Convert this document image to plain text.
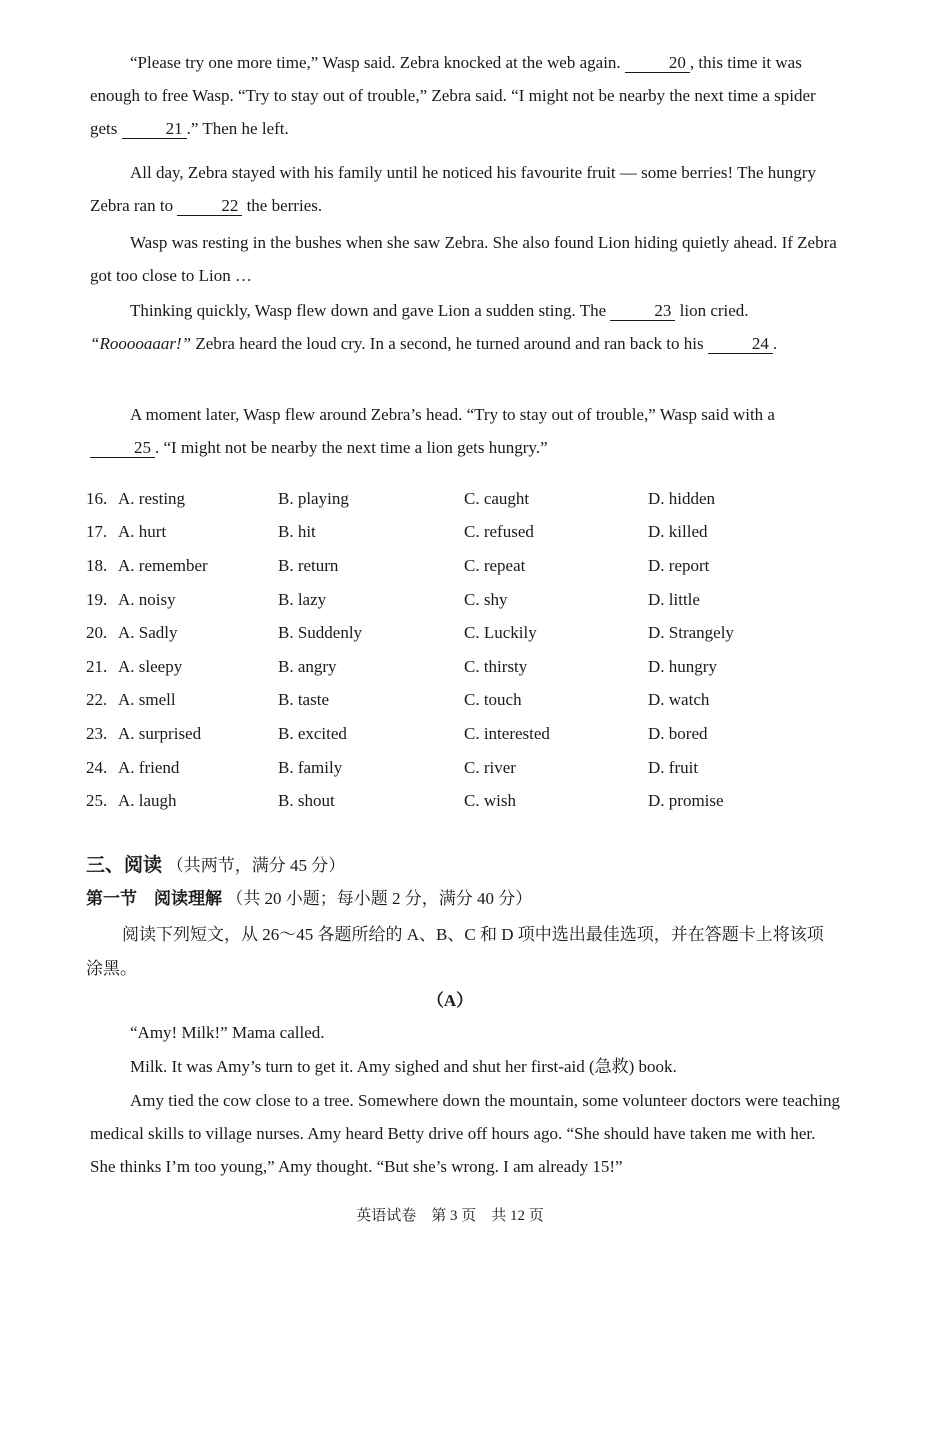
“Please try one more time,” Wasp said. Zebra knocked at the web again.	20 , this time it was enough to free Wasp. “Try to stay out of trouble,” Zebra said. “I might not be nearby the next time a spider gets	21 .” Then he left.

All day, Zebra stayed with his family until he noticed his favourite fruit — some berries! The hungry Zebra ran to	22 the berries.

Wasp was resting in the bushes when she saw Zebra. She also found Lion hiding quietly ahead. If Zebra got too close to Lion …

Thinking quickly, Wasp flew down and gave Lion a sudden sting. The	23 lion cried. “Rooooaaar!” Zebra heard the loud cry. In a second, he turned around and ran back to his	24 .

A moment later, Wasp flew around Zebra’s head. “Try to stay out of trouble,” Wasp said with a 25 . “I might not be nearby the next time a lion gets hungry.”

16. A. resting	B. playing	C. caught	D. hidden
17. A. hurt	B. hit	C. refused	D. killed
18. A. remember	B. return	C. repeat	D. report
19. A. noisy	B. lazy	C. shy	D. little
20. A. Sadly	B. Suddenly	C. Luckily	D. Strangely
21. A. sleepy	B. angry	C. thirsty	D. hungry
22. A. smell	B. taste	C. touch	D. watch
23. A. surprised	B. excited	C. interested	D. bored
24. A. friend	B. family	C. river	D. fruit
25. A. laugh	B. shout	C. wish	D. promise

三、阅读 （共两节，满分 45 分）

第一节　阅读理解 （共 20 小题；每小题 2 分，满分 40 分）

阅读下列短文，从 26～45 各题所给的 A、B、C 和 D 项中选出最佳选项，并在答题卡上将该项涂黑。

（A）

“Amy! Milk!” Mama called.

Milk. It was Amy’s turn to get it. Amy sighed and shut her first-aid (急救) book.

Amy tied the cow close to a tree. Somewhere down the mountain, some volunteer doctors were teaching medical skills to village nurses. Amy heard Betty drive off hours ago. “She should have taken me with her. She thinks I’m too young,” Amy thought. “But she’s wrong. I am already 15!”

英语试卷　第 3 页　共 12 页
